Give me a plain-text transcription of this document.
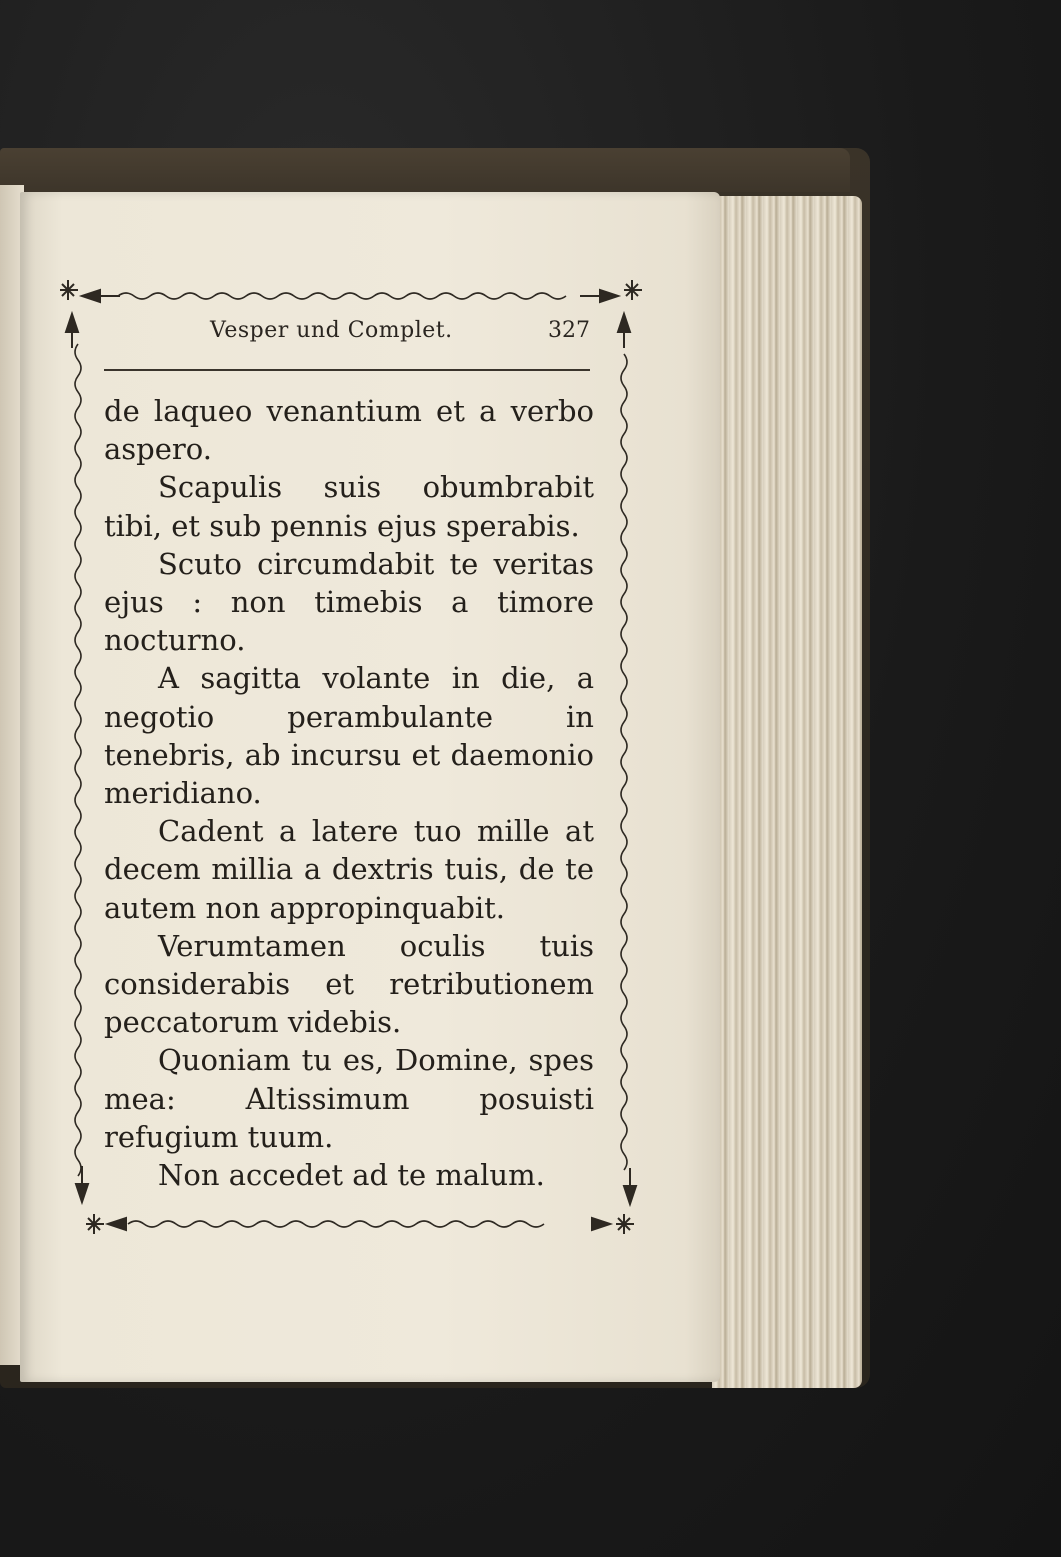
Vesper und Complet.	327

de laqueo venantium et a verbo aspero.

Scapulis suis obumbrabit tibi, et sub pennis ejus sperabis.

Scuto circumdabit te veritas ejus : non timebis a timore nocturno.

A sagitta volante in die, a negotio perambulante in tenebris, ab incursu et daemonio meridiano.

Cadent a latere tuo mille at decem millia a dextris tuis, de te autem non appropinquabit.

Verumtamen oculis tuis considerabis et retributionem peccatorum videbis.

Quoniam tu es, Domine, spes mea: Altissimum posuisti refugium tuum.

Non accedet ad te malum.
